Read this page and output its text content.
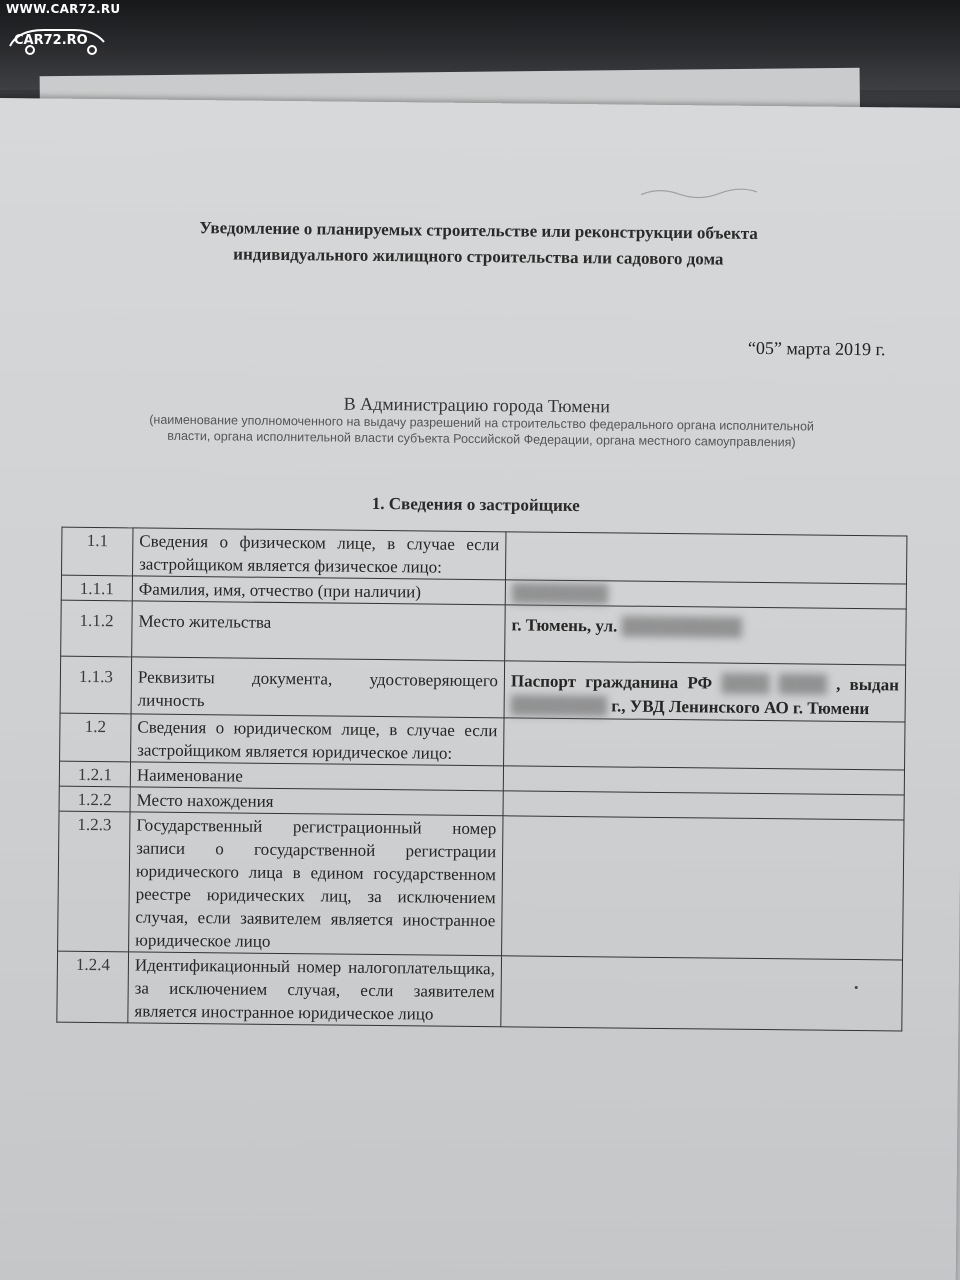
Уведомление о планируемых строительстве или реконструкции объекта
индивидуального жилищного строительства или садового дома
“05” марта 2019 г.
В Администрацию города Тюмени
(наименование уполномоченного на выдачу разрешений на строительство федерального органа исполнительной
власти, органа исполнительной власти субъекта Российской Федерации, органа местного самоуправления)
1. Сведения о застройщике
1.1	Сведения о физическом лице, в случае если застройщиком является физическое лицо:	
1.1.1	Фамилия, имя, отчество (при наличии)	████████
1.1.2	Место жительства	г. Тюмень, ул. ██████████
1.1.3	Реквизиты документа, удостоверяющего личность	Паспорт гражданина РФ ████ ████ , выдан ████████ г., УВД Ленинского АО г. Тюмени
1.2	Сведения о юридическом лице, в случае если застройщиком является юридическое лицо:	
1.2.1	Наименование	
1.2.2	Место нахождения	
1.2.3	Государственный регистрационный номер записи о государственной регистрации юридического лица в едином государственном реестре юридических лиц, за исключением случая, если заявителем является иностранное юридическое лицо	
1.2.4	Идентификационный номер налогоплательщика, за исключением случая, если заявителем является иностранное юридическое лицо	
WWW.CAR72.RU
CAR72.RO
